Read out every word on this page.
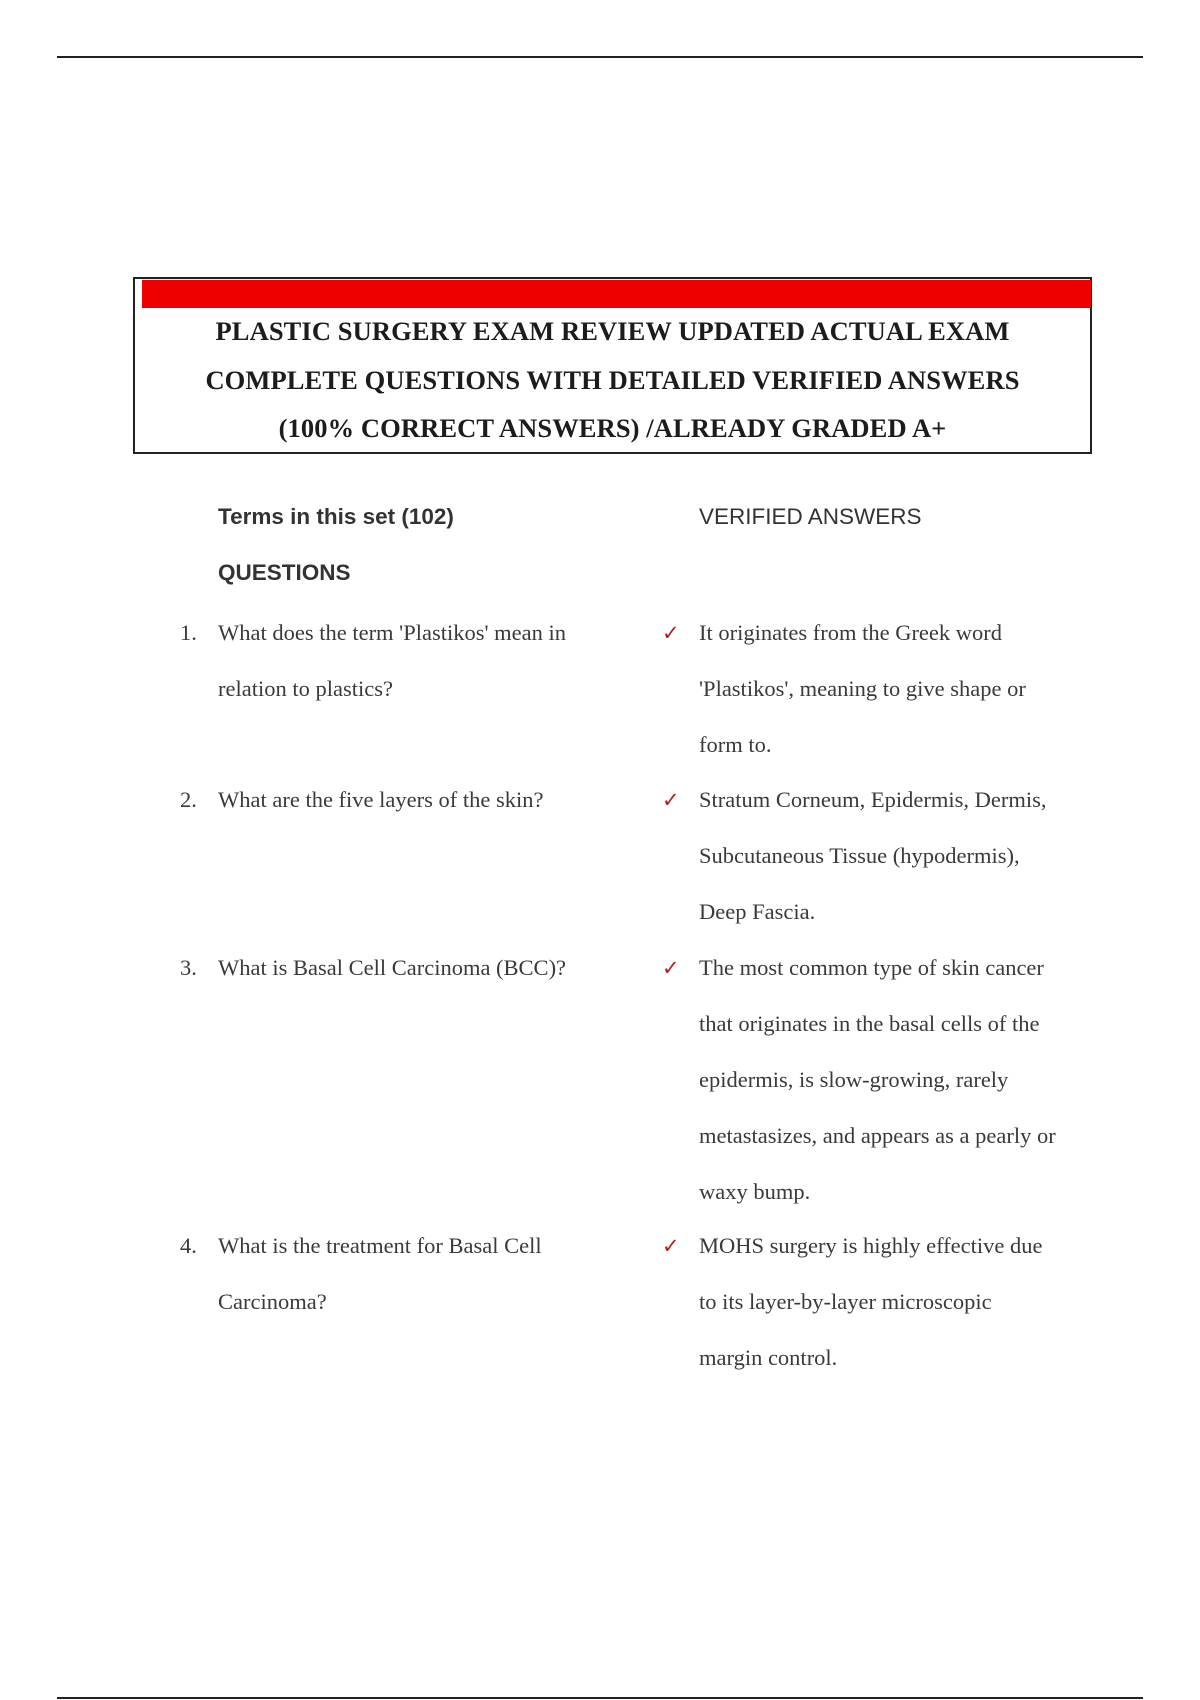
PLASTIC SURGERY EXAM REVIEW UPDATED ACTUAL EXAM
COMPLETE QUESTIONS WITH DETAILED VERIFIED ANSWERS
(100% CORRECT ANSWERS) /ALREADY GRADED A+

Terms in this set (102)	VERIFIED ANSWERS

QUESTIONS

1. What does the term 'Plastikos' mean in
relation to plastics?
✓ It originates from the Greek word
'Plastikos', meaning to give shape or
form to.
2. What are the five layers of the skin?	✓ Stratum Corneum, Epidermis, Dermis,
Subcutaneous Tissue (hypodermis),
Deep Fascia.
3. What is Basal Cell Carcinoma (BCC)?	✓ The most common type of skin cancer
that originates in the basal cells of the
epidermis, is slow-growing, rarely
metastasizes, and appears as a pearly or
waxy bump.
4. What is the treatment for Basal Cell
Carcinoma?
✓ MOHS surgery is highly effective due
to its layer-by-layer microscopic
margin control.
